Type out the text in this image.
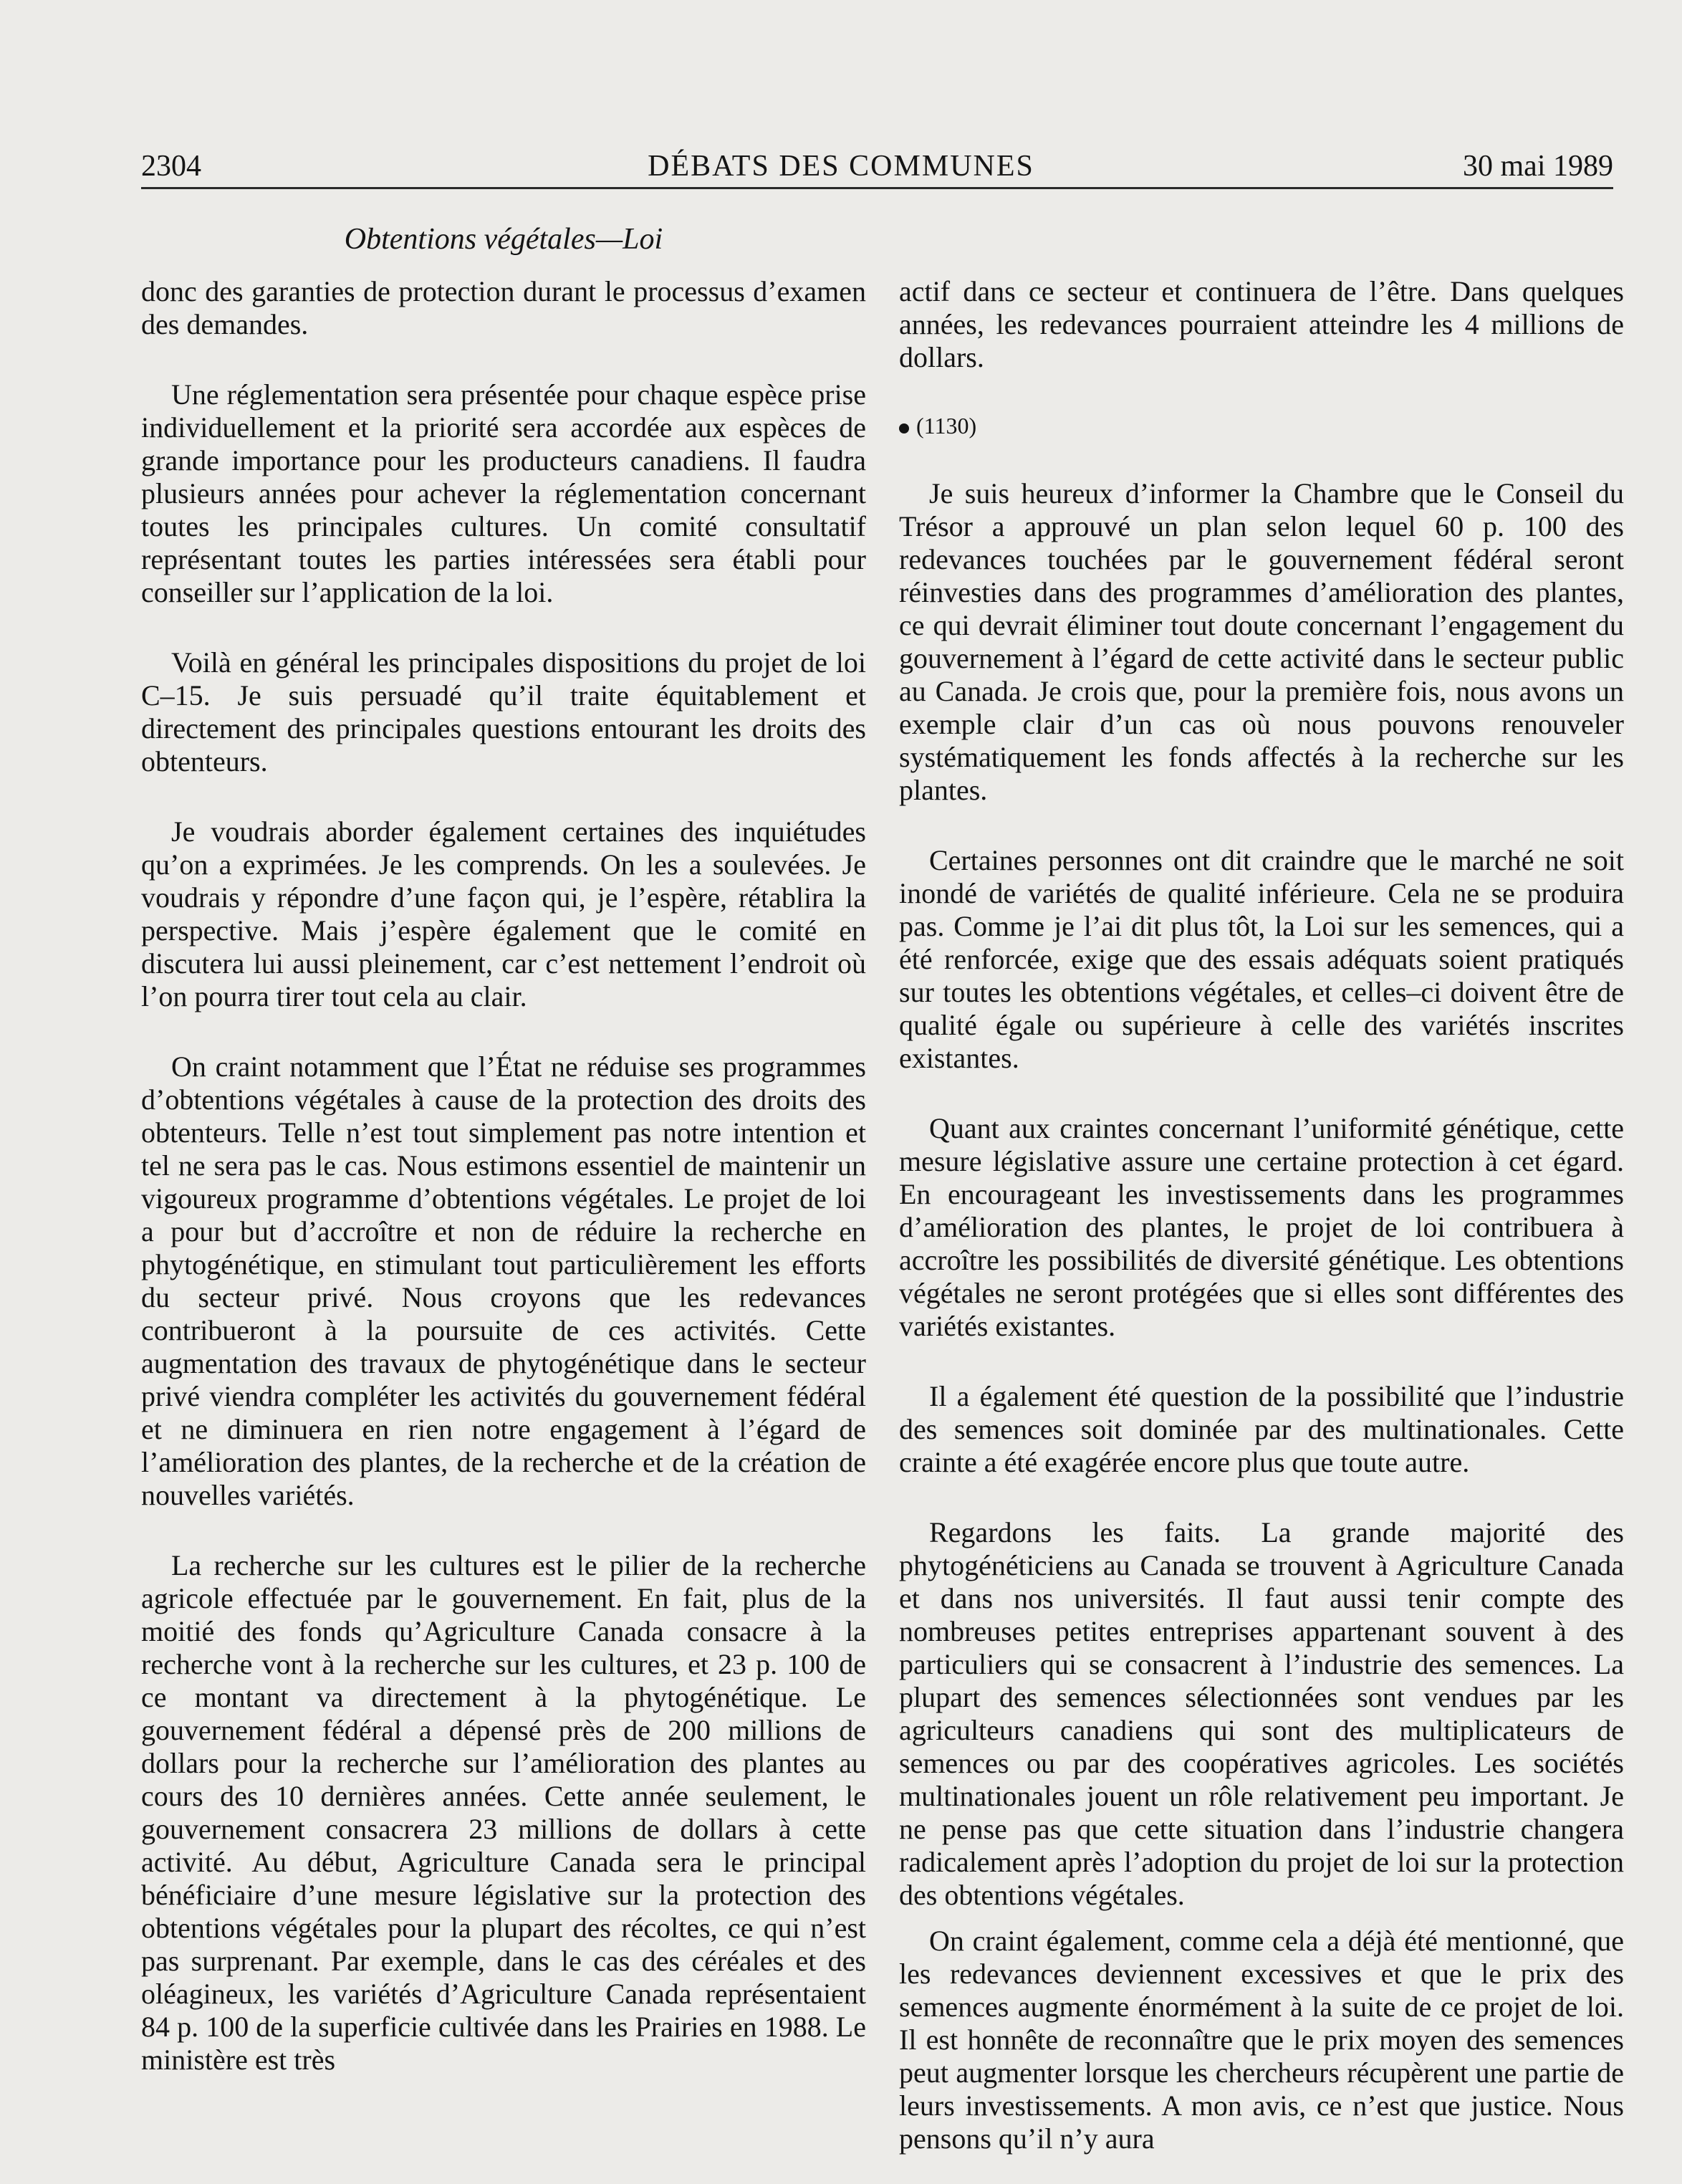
2304	DÉBATS DES COMMUNES	30 mai 1989
Obtentions végétales—Loi

donc des garanties de protection durant le processus d’examen des demandes.

Une réglementation sera présentée pour chaque espèce prise individuellement et la priorité sera accordée aux espèces de grande importance pour les producteurs canadiens. Il faudra plusieurs années pour achever la réglementation concernant toutes les principales cultures. Un comité consultatif représentant toutes les parties intéressées sera établi pour conseiller sur l’application de la loi.

Voilà en général les principales dispositions du projet de loi C–15. Je suis persuadé qu’il traite équitablement et directement des principales questions entourant les droits des obtenteurs.

Je voudrais aborder également certaines des inquiétudes qu’on a exprimées. Je les comprends. On les a soulevées. Je voudrais y répondre d’une façon qui, je l’espère, rétablira la perspective. Mais j’espère également que le comité en discutera lui aussi pleinement, car c’est nettement l’endroit où l’on pourra tirer tout cela au clair.

On craint notamment que l’État ne réduise ses programmes d’obtentions végétales à cause de la protection des droits des obtenteurs. Telle n’est tout simplement pas notre intention et tel ne sera pas le cas. Nous estimons essentiel de maintenir un vigoureux programme d’obtentions végétales. Le projet de loi a pour but d’accroître et non de réduire la recherche en phytogénétique, en stimulant tout particulièrement les efforts du secteur privé. Nous croyons que les redevances contribueront à la poursuite de ces activités. Cette augmentation des travaux de phytogénétique dans le secteur privé viendra compléter les activités du gouvernement fédéral et ne diminuera en rien notre engagement à l’égard de l’amélioration des plantes, de la recherche et de la création de nouvelles variétés.

La recherche sur les cultures est le pilier de la recherche agricole effectuée par le gouvernement. En fait, plus de la moitié des fonds qu’Agriculture Canada consacre à la recherche vont à la recherche sur les cultures, et 23 p. 100 de ce montant va directement à la phytogénétique. Le gouvernement fédéral a dépensé près de 200 millions de dollars pour la recherche sur l’amélioration des plantes au cours des 10 dernières années. Cette année seulement, le gouvernement consacrera 23 millions de dollars à cette activité. Au début, Agriculture Canada sera le principal bénéficiaire d’une mesure législative sur la protection des obtentions végétales pour la plupart des récoltes, ce qui n’est pas surprenant. Par exemple, dans le cas des céréales et des oléagineux, les variétés d’Agriculture Canada représentaient 84 p. 100 de la superficie cultivée dans les Prairies en 1988. Le ministère est très

actif dans ce secteur et continuera de l’être. Dans quelques années, les redevances pourraient atteindre les 4 millions de dollars.

(1130)

Je suis heureux d’informer la Chambre que le Conseil du Trésor a approuvé un plan selon lequel 60 p. 100 des redevances touchées par le gouvernement fédéral seront réinvesties dans des programmes d’amélioration des plantes, ce qui devrait éliminer tout doute concernant l’engagement du gouvernement à l’égard de cette activité dans le secteur public au Canada. Je crois que, pour la première fois, nous avons un exemple clair d’un cas où nous pouvons renouveler systématiquement les fonds affectés à la recherche sur les plantes.

Certaines personnes ont dit craindre que le marché ne soit inondé de variétés de qualité inférieure. Cela ne se produira pas. Comme je l’ai dit plus tôt, la Loi sur les semences, qui a été renforcée, exige que des essais adéquats soient pratiqués sur toutes les obtentions végétales, et celles–ci doivent être de qualité égale ou supérieure à celle des variétés inscrites existantes.

Quant aux craintes concernant l’uniformité génétique, cette mesure législative assure une certaine protection à cet égard. En encourageant les investissements dans les programmes d’amélioration des plantes, le projet de loi contribuera à accroître les possibilités de diversité génétique. Les obtentions végétales ne seront protégées que si elles sont différentes des variétés existantes.

Il a également été question de la possibilité que l’industrie des semences soit dominée par des multinationales. Cette crainte a été exagérée encore plus que toute autre.

Regardons les faits. La grande majorité des phytogénéticiens au Canada se trouvent à Agriculture Canada et dans nos universités. Il faut aussi tenir compte des nombreuses petites entreprises appartenant souvent à des particuliers qui se consacrent à l’industrie des semences. La plupart des semences sélectionnées sont vendues par les agriculteurs canadiens qui sont des multiplicateurs de semences ou par des coopératives agricoles. Les sociétés multinationales jouent un rôle relativement peu important. Je ne pense pas que cette situation dans l’industrie changera radicalement après l’adoption du projet de loi sur la protection des obtentions végétales.

On craint également, comme cela a déjà été mentionné, que les redevances deviennent excessives et que le prix des semences augmente énormément à la suite de ce projet de loi. Il est honnête de reconnaître que le prix moyen des semences peut augmenter lorsque les chercheurs récupèrent une partie de leurs investissements. A mon avis, ce n’est que justice. Nous pensons qu’il n’y aura
